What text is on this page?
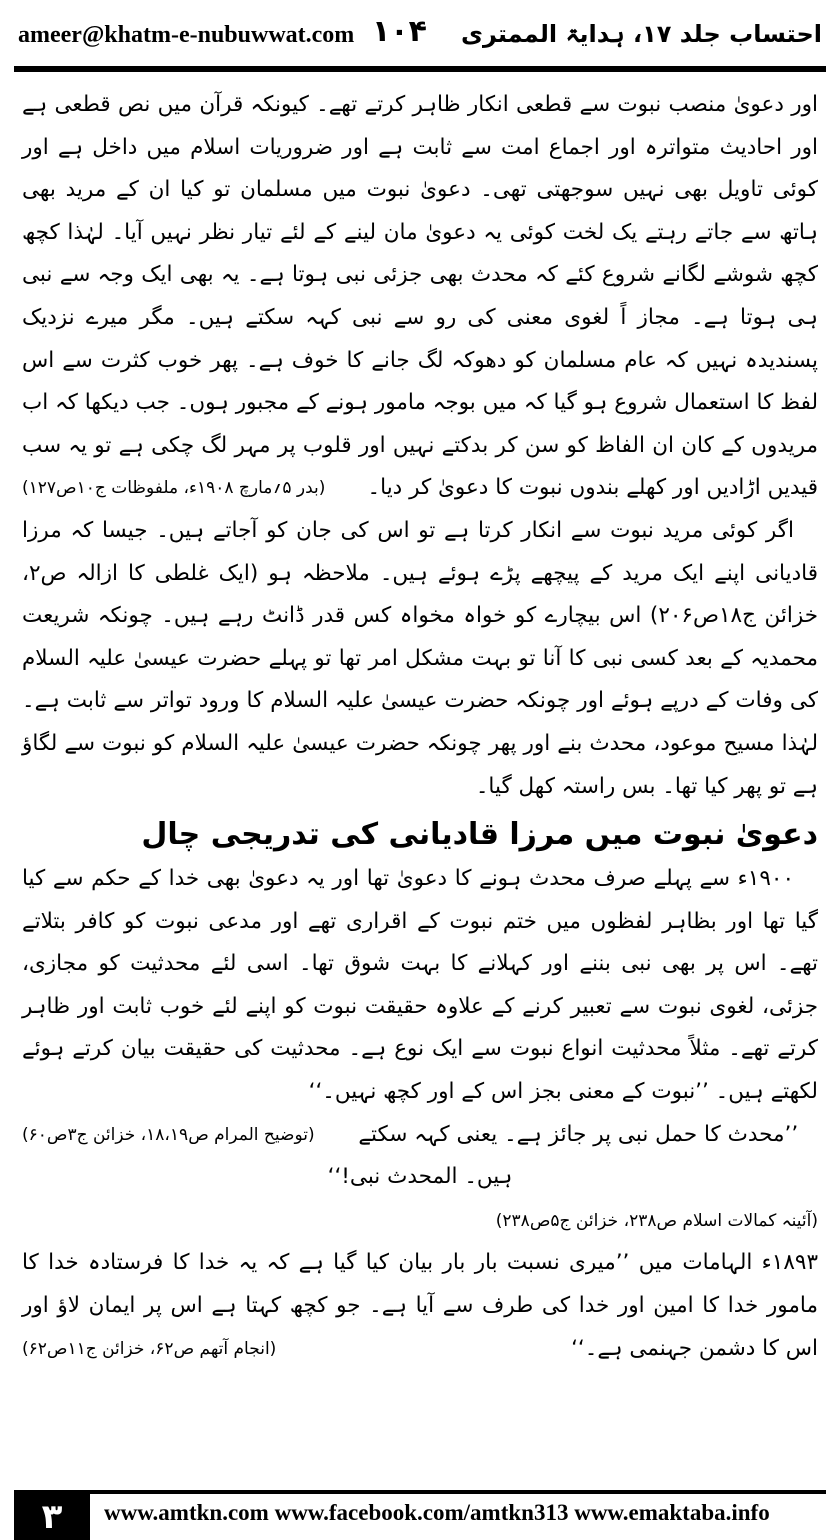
ameer@khatm-e-nubuwwat.com ۱۰۴ احتساب جلد ۱۷، ہدایۃ الممتری

اور دعویٰ منصب نبوت سے قطعی انکار ظاہر کرتے تھے۔ کیونکہ قرآن میں نص قطعی ہے اور احادیث متواترہ اور اجماع امت سے ثابت ہے اور ضروریات اسلام میں داخل ہے اور کوئی تاویل بھی نہیں سوجھتی تھی۔ دعویٰ نبوت میں مسلمان تو کیا ان کے مرید بھی ہاتھ سے جاتے رہتے یک لخت کوئی یہ دعویٰ مان لینے کے لئے تیار نظر نہیں آیا۔ لہٰذا کچھ کچھ شوشے لگانے شروع کئے کہ محدث بھی جزئی نبی ہوتا ہے۔ یہ بھی ایک وجہ سے نبی ہی ہوتا ہے۔ مجاز اً لغوی معنی کی رو سے نبی کہہ سکتے ہیں۔ مگر میرے نزدیک پسندیدہ نہیں کہ عام مسلمان کو دھوکہ لگ جانے کا خوف ہے۔ پھر خوب کثرت سے اس لفظ کا استعمال شروع ہو گیا کہ میں بوجہ مامور ہونے کے مجبور ہوں۔ جب دیکھا کہ اب مریدوں کے کان ان الفاظ کو سن کر بدکتے نہیں اور قلوب پر مہر لگ چکی ہے تو یہ سب قیدیں اڑادیں اور کھلے بندوں نبوت کا دعویٰ کر دیا۔
(بدر ۵؍مارچ ۱۹۰۸ء، ملفوظات ج۱۰ص۱۲۷)

اگر کوئی مرید نبوت سے انکار کرتا ہے تو اس کی جان کو آجاتے ہیں۔ جیسا کہ مرزا قادیانی اپنے ایک مرید کے پیچھے پڑے ہوئے ہیں۔ ملاحظہ ہو (ایک غلطی کا ازالہ ص۲، خزائن ج۱۸ص۲۰۶) اس بیچارے کو خواہ مخواہ کس قدر ڈانٹ رہے ہیں۔ چونکہ شریعت محمدیہ کے بعد کسی نبی کا آنا تو بہت مشکل امر تھا تو پہلے حضرت عیسیٰ علیہ السلام کی وفات کے درپے ہوئے اور چونکہ حضرت عیسیٰ علیہ السلام کا ورود تواتر سے ثابت ہے۔ لہٰذا مسیح موعود، محدث بنے اور پھر چونکہ حضرت عیسیٰ علیہ السلام کو نبوت سے لگاؤ ہے تو پھر کیا تھا۔ بس راستہ کھل گیا۔

دعویٰ نبوت میں مرزا قادیانی کی تدریجی چال

۱۹۰۰ء سے پہلے صرف محدث ہونے کا دعویٰ تھا اور یہ دعویٰ بھی خدا کے حکم سے کیا گیا تھا اور بظاہر لفظوں میں ختم نبوت کے اقراری تھے اور مدعی نبوت کو کافر بتلاتے تھے۔ اس پر بھی نبی بننے اور کہلانے کا بہت شوق تھا۔ اسی لئے محدثیت کو مجازی، جزئی، لغوی نبوت سے تعبیر کرنے کے علاوہ حقیقت نبوت کو اپنے لئے خوب ثابت اور ظاہر کرتے تھے۔ مثلاً محدثیت انواع نبوت سے ایک نوع ہے۔ محدثیت کی حقیقت بیان کرتے ہوئے لکھتے ہیں۔ ’’نبوت کے معنی بجز اس کے اور کچھ نہیں۔‘‘
(توضیح المرام ص۱۸،۱۹، خزائن ج۳ص۶۰)	’’محدث کا حمل نبی پر جائز ہے۔ یعنی کہہ سکتے ہیں۔ المحدث نبی!‘‘

(آئینہ کمالات اسلام ص۲۳۸، خزائن ج۵ص۲۳۸)

۱۸۹۳ء الہامات میں ’’میری نسبت بار بار بیان کیا گیا ہے کہ یہ خدا کا فرستادہ خدا کا مامور خدا کا امین اور خدا کی طرف سے آیا ہے۔ جو کچھ کہتا ہے اس پر ایمان لاؤ اور اس کا دشمن جہنمی ہے۔‘‘
(انجام آتھم ص۶۲، خزائن ج۱۱ص۶۲)

۳	www.amtkn.com www.facebook.com/amtkn313 www.emaktaba.info
